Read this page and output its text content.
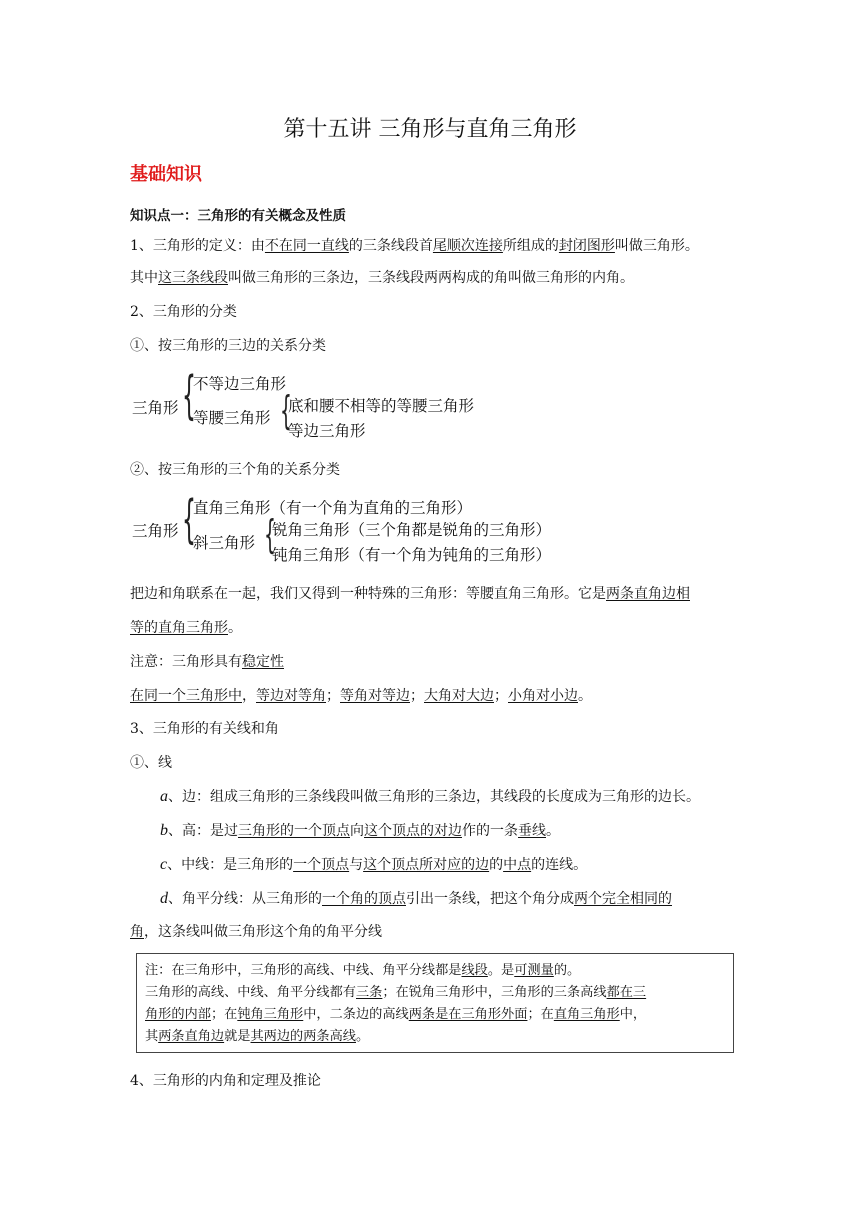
第十五讲 三角形与直角三角形
基础知识
知识点一：三角形的有关概念及性质
1、三角形的定义：由不在同一直线的三条线段首尾顺次连接所组成的封闭图形叫做三角形。
其中这三条线段叫做三角形的三条边，三条线段两两构成的角叫做三角形的内角。
2、三角形的分类
①、按三角形的三边的关系分类
三角形 {
不等边三角形
等腰三角形 {
底和腰不相等的等腰三角形
等边三角形
②、按三角形的三个角的关系分类
三角形 {
直角三角形（有一个角为直角的三角形）
斜三角形 {
锐角三角形（三个角都是锐角的三角形）
钝角三角形（有一个角为钝角的三角形）
把边和角联系在一起，我们又得到一种特殊的三角形：等腰直角三角形。它是两条直角边相
等的直角三角形。
注意：三角形具有稳定性
在同一个三角形中，等边对等角；等角对等边；大角对大边；小角对小边。
3、三角形的有关线和角
①、线
a、边：组成三角形的三条线段叫做三角形的三条边，其线段的长度成为三角形的边长。
b、高：是过三角形的一个顶点向这个顶点的对边作的一条垂线。
c、中线：是三角形的一个顶点与这个顶点所对应的边的中点的连线。
d、角平分线：从三角形的一个角的顶点引出一条线，把这个角分成两个完全相同的
角，这条线叫做三角形这个角的角平分线
注：在三角形中，三角形的高线、中线、角平分线都是线段。是可测量的。
三角形的高线、中线、角平分线都有三条；在锐角三角形中，三角形的三条高线都在三
角形的内部；在钝角三角形中，二条边的高线两条是在三角形外面；在直角三角形中，
其两条直角边就是其两边的两条高线。
4、三角形的内角和定理及推论
